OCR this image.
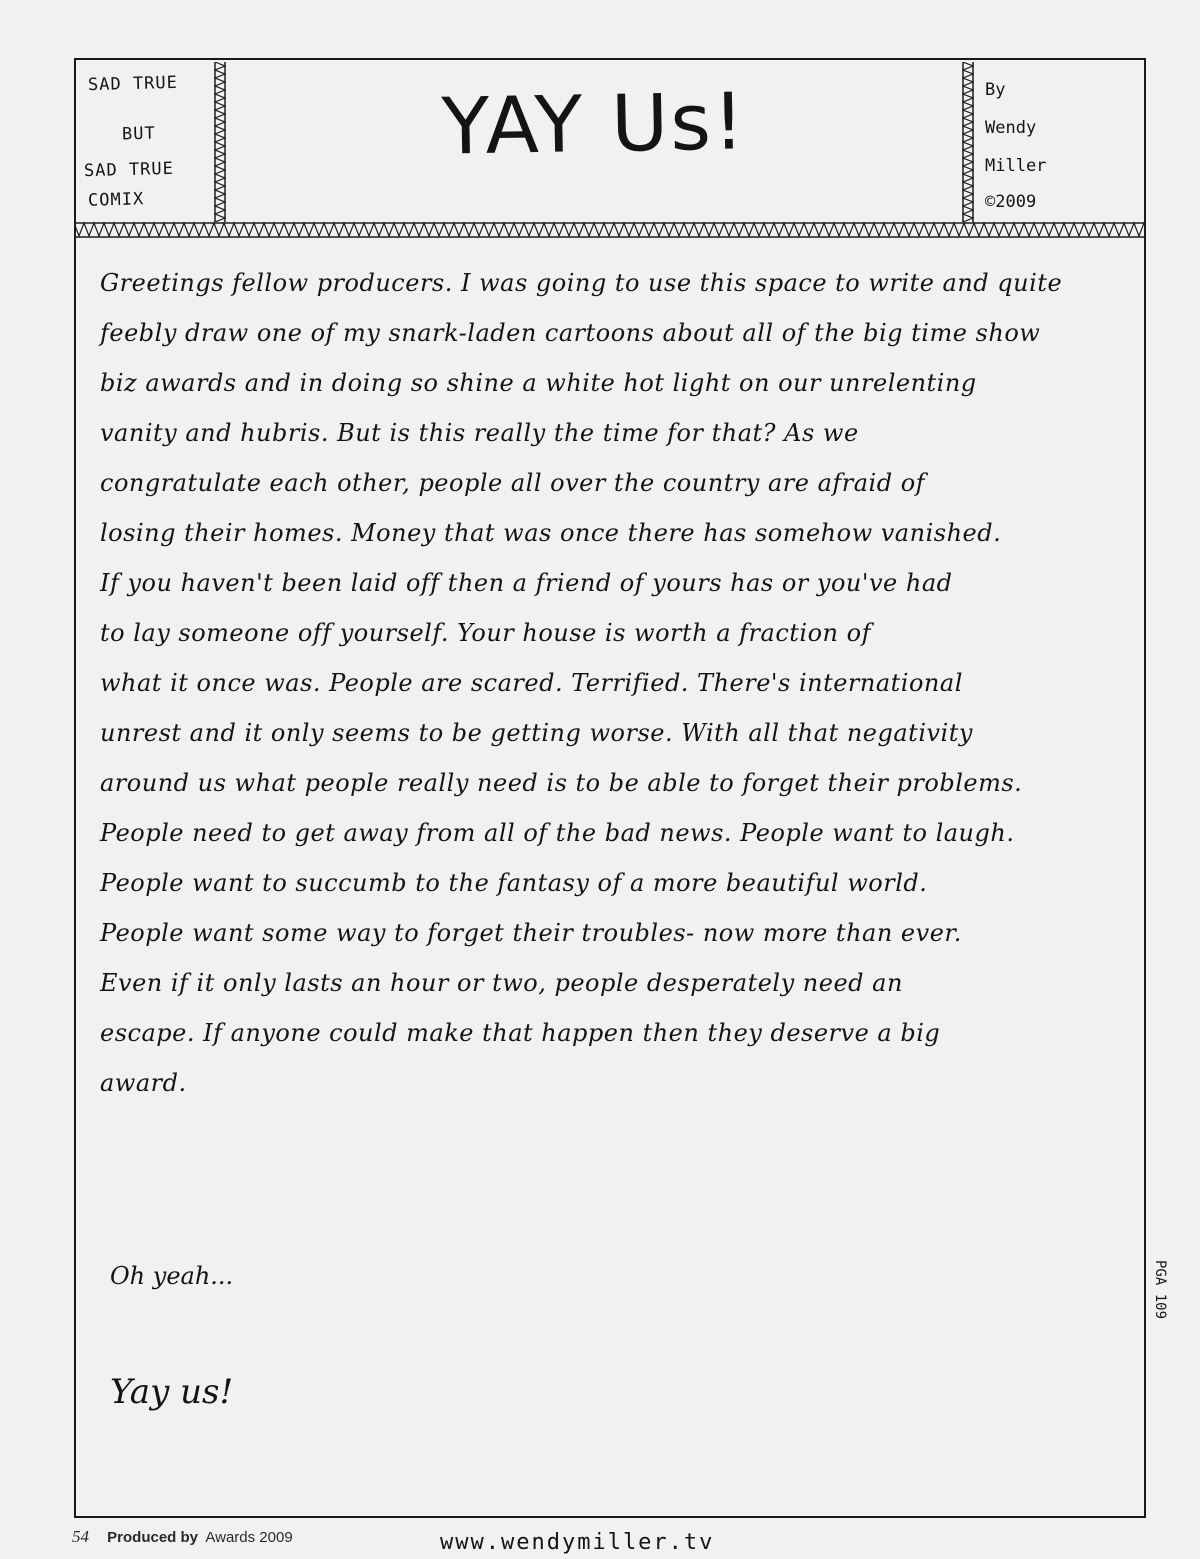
SAD TRUE
BUT
SAD TRUE
COMIX
YAY Us!	By
Wendy
Miller
©2009
Greetings fellow producers. I was going to use this space to write and quite
feebly draw one of my snark-laden cartoons about all of the big time show
biz awards and in doing so shine a white hot light on our unrelenting
vanity and hubris. But is this really the time for that? As we
congratulate each other, people all over the country are afraid of
losing their homes. Money that was once there has somehow vanished.
If you haven't been laid off then a friend of yours has or you've had
to lay someone off yourself. Your house is worth a fraction of
what it once was. People are scared. Terrified. There's international
unrest and it only seems to be getting worse. With all that negativity
around us what people really need is to be able to forget their problems.
People need to get away from all of the bad news. People want to laugh.
People want to succumb to the fantasy of a more beautiful world.
People want some way to forget their troubles- now more than ever.
Even if it only lasts an hour or two, people desperately need an
escape. If anyone could make that happen then they deserve a big
award.
Oh yeah...
Yay us!
PGA 109
www.wendymiller.tv
54 Produced by Awards 2009
